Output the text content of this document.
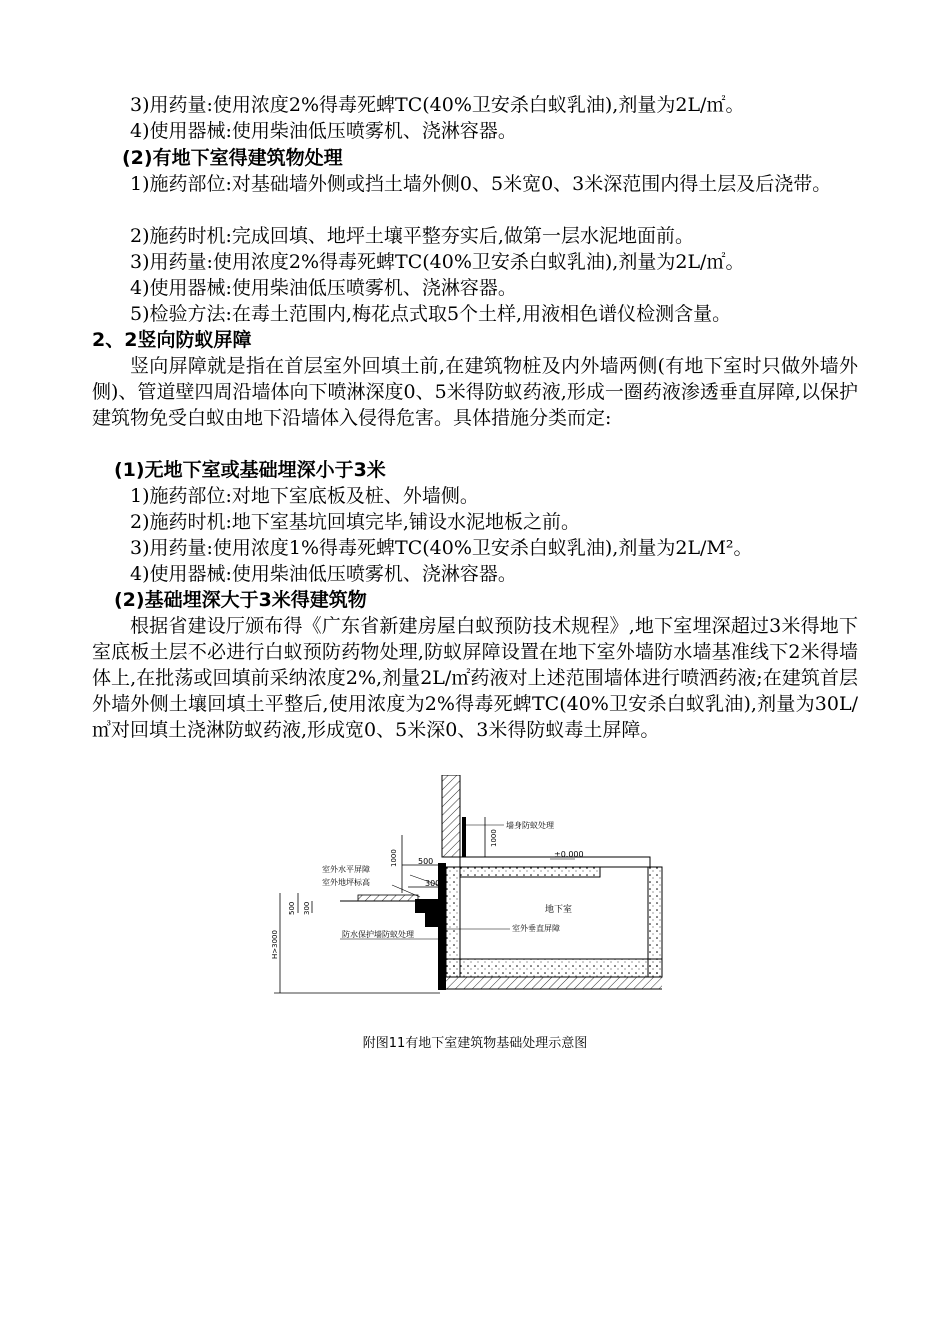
3)用药量:使用浓度2%得毒死蜱TC(40%卫安杀白蚁乳油),剂量为2L/㎡。

4)使用器械:使用柴油低压喷雾机、浇淋容器。

(2)有地下室得建筑物处理

1)施药部位:对基础墙外侧或挡土墙外侧0、5米宽0、3米深范围内得土层及后浇带。

2)施药时机:完成回填、地坪土壤平整夯实后,做第一层水泥地面前。

3)用药量:使用浓度2%得毒死蜱TC(40%卫安杀白蚁乳油),剂量为2L/㎡。

4)使用器械:使用柴油低压喷雾机、浇淋容器。

5)检验方法:在毒土范围内,梅花点式取5个土样,用液相色谱仪检测含量。

2、2竖向防蚁屏障

竖向屏障就是指在首层室外回填土前,在建筑物桩及内外墙两侧(有地下室时只做外墙外侧)、管道壁四周沿墙体向下喷淋深度0、5米得防蚁药液,形成一圈药液渗透垂直屏障,以保护建筑物免受白蚁由地下沿墙体入侵得危害。具体措施分类而定:

(1)无地下室或基础埋深小于3米

1)施药部位:对地下室底板及桩、外墙侧。

2)施药时机:地下室基坑回填完毕,铺设水泥地板之前。

3)用药量:使用浓度1%得毒死蜱TC(40%卫安杀白蚁乳油),剂量为2L/M²。

4)使用器械:使用柴油低压喷雾机、浇淋容器。

(2)基础埋深大于3米得建筑物

根据省建设厅颁布得《广东省新建房屋白蚁预防技术规程》,地下室埋深超过3米得地下室底板土层不必进行白蚁预防药物处理,防蚁屏障设置在地下室外墙防水墙基准线下2米得墙体上,在批荡或回填前采纳浓度2%,剂量2L/㎡药液对上述范围墙体进行喷洒药液;在建筑首层外墙外侧土壤回填土平整后,使用浓度为2%得毒死蜱TC(40%卫安杀白蚁乳油),剂量为30L/㎥对回填土浇淋防蚁药液,形成宽0、5米深0、3米得防蚁毒土屏障。

墙身防蚁处理
±0.000
室外水平屏障
室外地坪标高
地下室
室外垂直屏障
防水保护墙防蚁处理
500
300
1000
1000
500 300
H>3000
附图11有地下室建筑物基础处理示意图
